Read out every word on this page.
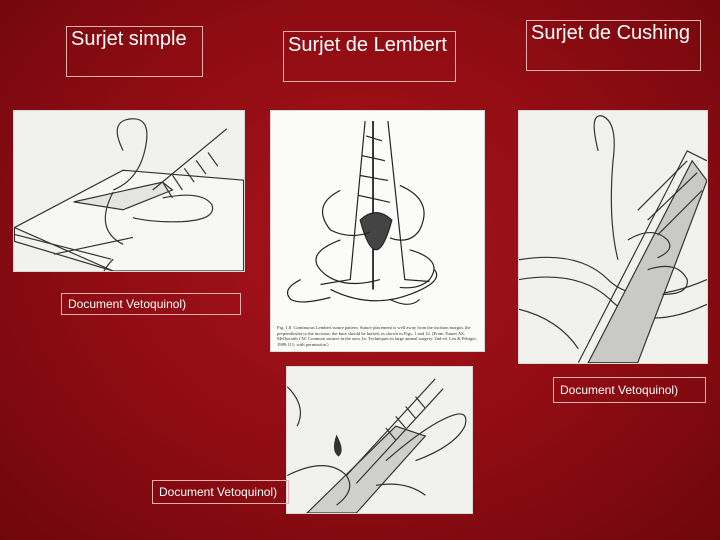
Surjet simple	Surjet de Lembert
Surjet de Cushing
Fig. 1.8. Continuous Lembert suture pattern. Suture placement is well away from the incision margin, the perpendicular to the incision; the knot should be buried; as shown in Figs. 1 and 12. (From Turner AS, McIlwraith CW. Common sutures in the area. In: Techniques in large animal surgery. 2nd ed. Lea & Febiger, 1989:111; with permission.)
Document Vetoquinol)
Document Vetoquinol)
Document Vetoquinol)
